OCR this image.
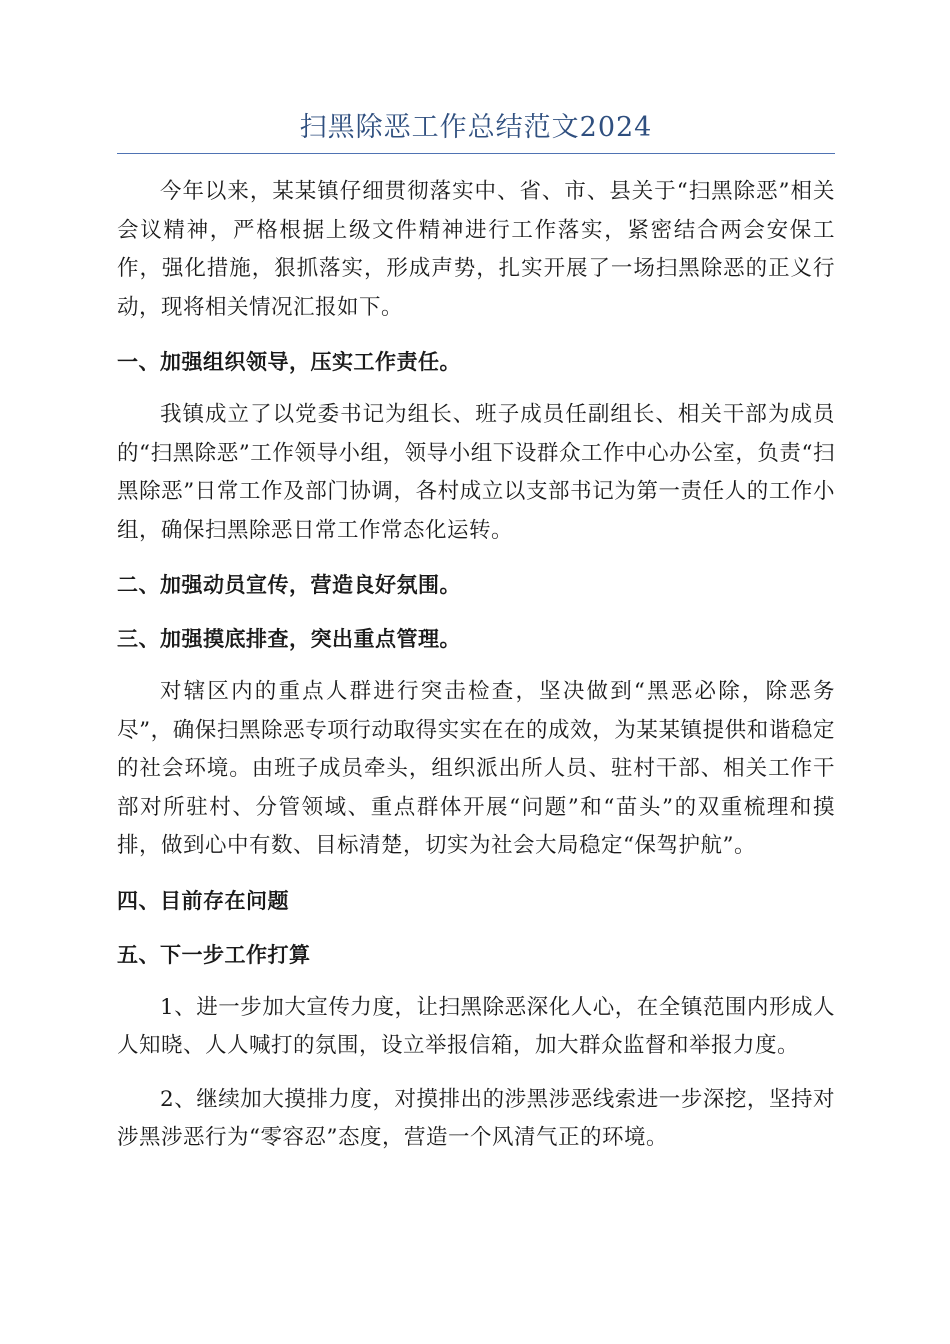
扫黑除恶工作总结范文2024

今年以来，某某镇仔细贯彻落实中、省、市、县关于“扫黑除恶”相关会议精神，严格根据上级文件精神进行工作落实，紧密结合两会安保工作，强化措施，狠抓落实，形成声势，扎实开展了一场扫黑除恶的正义行动，现将相关情况汇报如下。

一、加强组织领导，压实工作责任。

我镇成立了以党委书记为组长、班子成员任副组长、相关干部为成员的“扫黑除恶”工作领导小组，领导小组下设群众工作中心办公室，负责“扫黑除恶”日常工作及部门协调，各村成立以支部书记为第一责任人的工作小组，确保扫黑除恶日常工作常态化运转。

二、加强动员宣传，营造良好氛围。

三、加强摸底排查，突出重点管理。

对辖区内的重点人群进行突击检查，坚决做到“黑恶必除，除恶务尽”，确保扫黑除恶专项行动取得实实在在的成效，为某某镇提供和谐稳定的社会环境。由班子成员牵头，组织派出所人员、驻村干部、相关工作干部对所驻村、分管领域、重点群体开展“问题”和“苗头”的双重梳理和摸排，做到心中有数、目标清楚，切实为社会大局稳定“保驾护航”。

四、目前存在问题

五、下一步工作打算

1、进一步加大宣传力度，让扫黑除恶深化人心，在全镇范围内形成人人知晓、人人喊打的氛围，设立举报信箱，加大群众监督和举报力度。

2、继续加大摸排力度，对摸排出的涉黑涉恶线索进一步深挖，坚持对涉黑涉恶行为“零容忍”态度，营造一个风清气正的环境。
